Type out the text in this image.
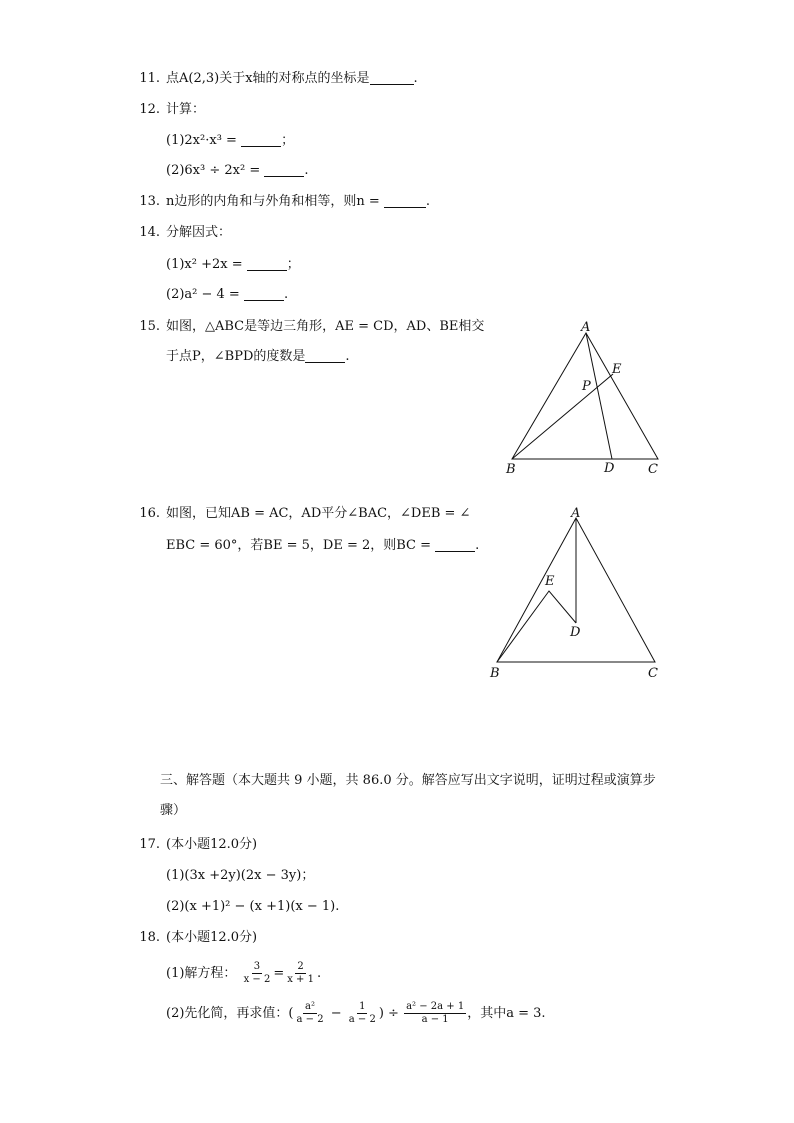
11. 点A(2,3)关于x轴的对称点的坐标是	.
12. 计算：
(1)2x²·x³ =	；
(2)6x³ ÷ 2x² =	.
13. n边形的内角和与外角和相等，则n =	.
14. 分解因式：
(1)x² +2x =	；
(2)a² − 4 =	.
15. 如图，△ABC是等边三角形，AE = CD，AD、BE相交
于点P，∠BPD的度数是	.
A
B	C
D
E
P
16. 如图，已知AB = AC，AD平分∠BAC，∠DEB = ∠
EBC = 60°，若BE = 5，DE = 2，则BC =	.
A
B	C
E
D
三、解答题（本大题共 9 小题，共 86.0 分。解答应写出文字说明，证明过程或演算步
骤）
17. (本小题12.0分)
(1)(3x +2y)(2x − 3y)；
(2)(x +1)² − (x +1)(x − 1).
18. (本小题12.0分)
(1)解方程： $\frac{3}{x - 2} = \frac{2}{x + 1}$ .
(2)先化简，再求值：( $\frac{\text{a²}}{a - 2} - \frac{1}{a - 2}$ ) ÷ $\frac{\text{a² − 2a + 1}}{a - 1}$ ，其中a = 3.
